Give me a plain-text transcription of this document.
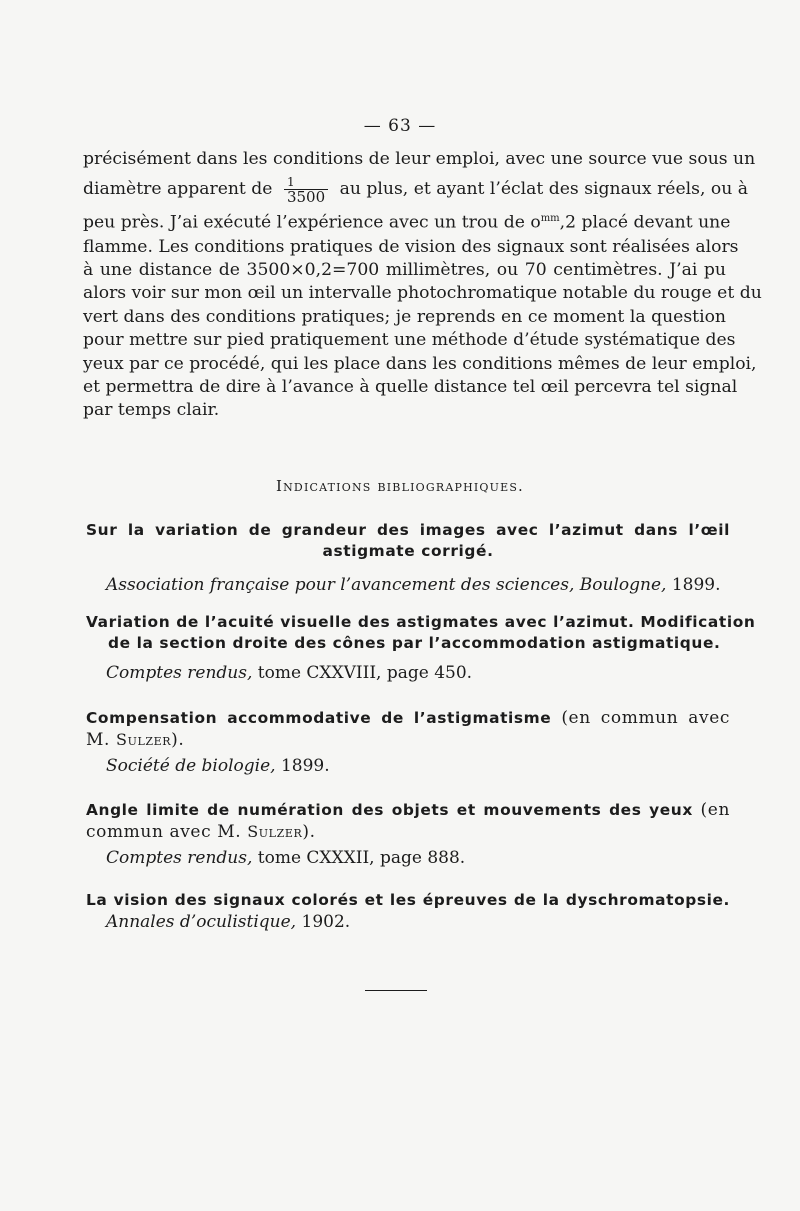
— 63 —
précisément dans les conditions de leur emploi, avec une source vue sous un
diamètre apparent de $\frac{1}{3500}$ au plus, et ayant l’éclat des signaux réels, ou à
peu près. J’ai exécuté l’expérience avec un trou de $o^{mm},2$ placé devant une
flamme. Les conditions pratiques de vision des signaux sont réalisées alors
à une distance de 3500×0,2=700 millimètres, ou 70 centimètres. J’ai pu
alors voir sur mon œil un intervalle photochromatique notable du rouge et du
vert dans des conditions pratiques; je reprends en ce moment la question
pour mettre sur pied pratiquement une méthode d’étude systématique des
yeux par ce procédé, qui les place dans les conditions mêmes de leur emploi,
et permettra de dire à l’avance à quelle distance tel œil percevra tel signal
par temps clair.
Indications bibliographiques.
Sur la variation de grandeur des images avec l’azimut dans l’œil
astigmate corrigé.
Association française pour l’avancement des sciences, Boulogne, 1899.
Variation de l’acuité visuelle des astigmates avec l’azimut. Modification
de la section droite des cônes par l’accommodation astigmatique.
Comptes rendus, tome CXXVIII, page 450.
Compensation accommodative de l’astigmatisme (en commun avec
M. Sulzer).
Société de biologie, 1899.
Angle limite de numération des objets et mouvements des yeux (en
commun avec M. Sulzer).
Comptes rendus, tome CXXXII, page 888.
La vision des signaux colorés et les épreuves de la dyschromatopsie.
Annales d’oculistique, 1902.
